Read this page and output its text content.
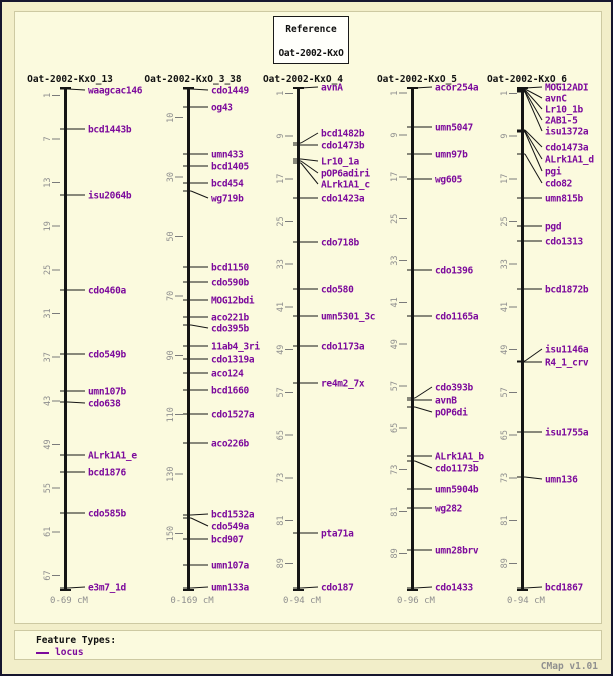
Oat-2002-KxO_13
1
7
13
19
25
31
37
43
49
55
61
67
waagcac146
bcd1443b
isu2064b
cdo460a
cdo549b
umn107b
cdo638
ALrk1A1_e
bcd1876
cdo585b
e3m7_1d
0-69 cM
Oat-2002-KxO_3_38
10
30
50
70
90
110
130
150
cdo1449
og43
umn433
bcd1405
bcd454
wg719b
bcd1150
cdo590b
MOG12bdi
aco221b
cdo395b
11ab4_3ri
cdo1319a
aco124
bcd1660
cdo1527a
aco226b
bcd1532a
cdo549a
bcd907
umn107a
umn133a
0-169 cM
Oat-2002-KxO_4
1
9
17
25
33
41
49
57
65
73
81
89
avnA
bcd1482b
cdo1473b
Lr10_1a
pOP6adiri
ALrk1A1_c
cdo1423a
cdo718b
cdo580
umn5301_3c
cdo1173a
re4m2_7x
pta71a
cdo187
0-94 cM
Oat-2002-KxO_5
1
9
17
25
33
41
49
57
65
73
81
89
acor254a
umn5047
umn97b
wg605
cdo1396
cdo1165a
cdo393b
avnB
pOP6di
ALrk1A1_b
cdo1173b
umn5904b
wg282
umn28brv
cdo1433
0-96 cM
Oat-2002-KxO_6
1
9
17
25
33
41
49
57
65
73
81
89
MOG12ADI
avnC
Lr10_1b
2AB1-5
isu1372a
cdo1473a
ALrk1A1_d
pgi
cdo82
umn815b
pgd
cdo1313
bcd1872b
isu1146a
R4_1_crv
isu1755a
umn136
bcd1867
0-94 cM
Reference
Oat-2002-KxO
Feature Types:
locus
CMap v1.01
